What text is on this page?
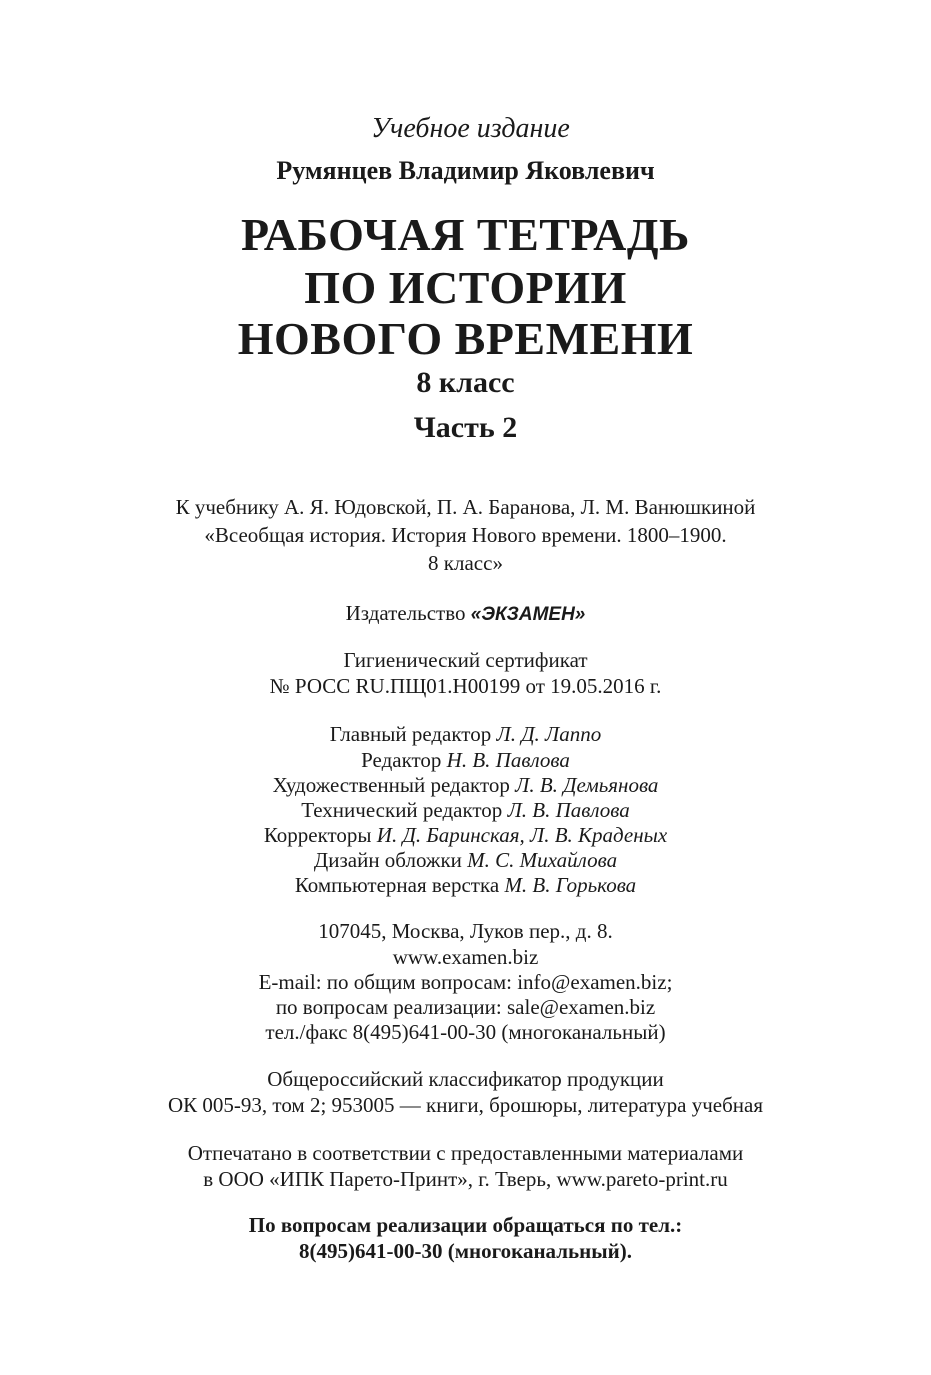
Учебное издание
Румянцев Владимир Яковлевич
РАБОЧАЯ ТЕТРАДЬ
ПО ИСТОРИИ
НОВОГО ВРЕМЕНИ
8 класс
Часть 2
К учебнику А. Я. Юдовской, П. А. Баранова, Л. М. Ванюшкиной
«Всеобщая история. История Нового времени. 1800–1900.
8 класс»
Издательство «ЭКЗАМЕН»
Гигиенический сертификат
№ РОСС RU.ПЩ01.Н00199 от 19.05.2016 г.
Главный редактор Л. Д. Лаппо
Редактор Н. В. Павлова
Художественный редактор Л. В. Демьянова
Технический редактор Л. В. Павлова
Корректоры И. Д. Баринская, Л. В. Краденых
Дизайн обложки М. С. Михайлова
Компьютерная верстка М. В. Горькова
107045, Москва, Луков пер., д. 8.
www.examen.biz
E-mail: по общим вопросам: info@examen.biz;
по вопросам реализации: sale@examen.biz
тел./факс 8(495)641-00-30 (многоканальный)
Общероссийский классификатор продукции
ОК 005-93, том 2; 953005 — книги, брошюры, литература учебная
Отпечатано в соответствии с предоставленными материалами
в ООО «ИПК Парето-Принт», г. Тверь, www.pareto-print.ru
По вопросам реализации обращаться по тел.:
8(495)641-00-30 (многоканальный).
